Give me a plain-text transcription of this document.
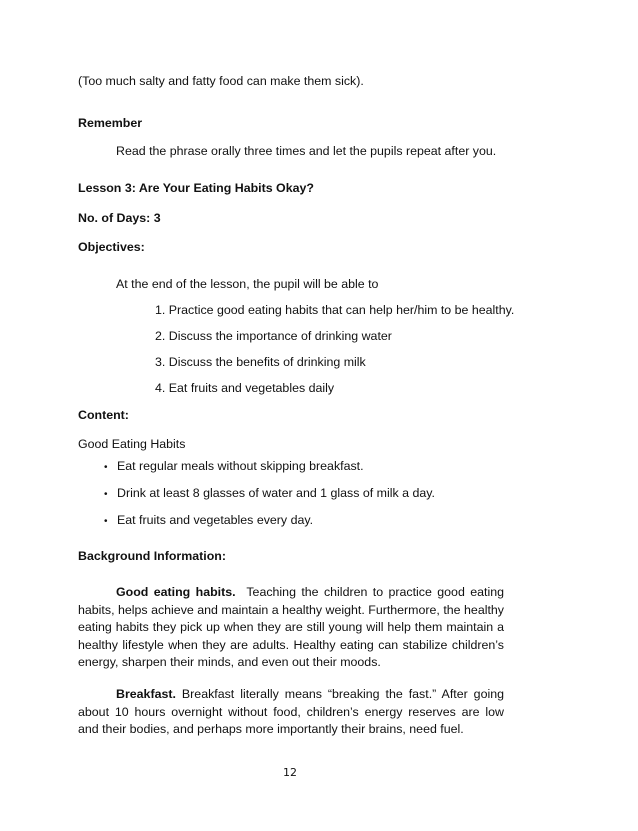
(Too much salty and fatty food can make them sick).
Remember
Read the phrase orally three times and let the pupils repeat after you.
Lesson 3: Are Your Eating Habits Okay?
No. of Days: 3
Objectives:
At the end of the lesson, the pupil will be able to
1. Practice good eating habits that can help her/him to be healthy.
2. Discuss the importance of drinking water
3. Discuss the benefits of drinking milk
4. Eat fruits and vegetables daily
Content:
Good Eating Habits
• Eat regular meals without skipping breakfast.
• Drink at least 8 glasses of water and 1 glass of milk a day.
• Eat fruits and vegetables every day.
Background Information:
Good eating habits. Teaching the children to practice good eating habits, helps achieve and maintain a healthy weight. Furthermore, the healthy eating habits they pick up when they are still young will help them maintain a healthy lifestyle when they are adults. Healthy eating can stabilize children’s energy, sharpen their minds, and even out their moods.
Breakfast. Breakfast literally means “breaking the fast.” After going about 10 hours overnight without food, children’s energy reserves are low and their bodies, and perhaps more importantly their brains, need fuel.
12
